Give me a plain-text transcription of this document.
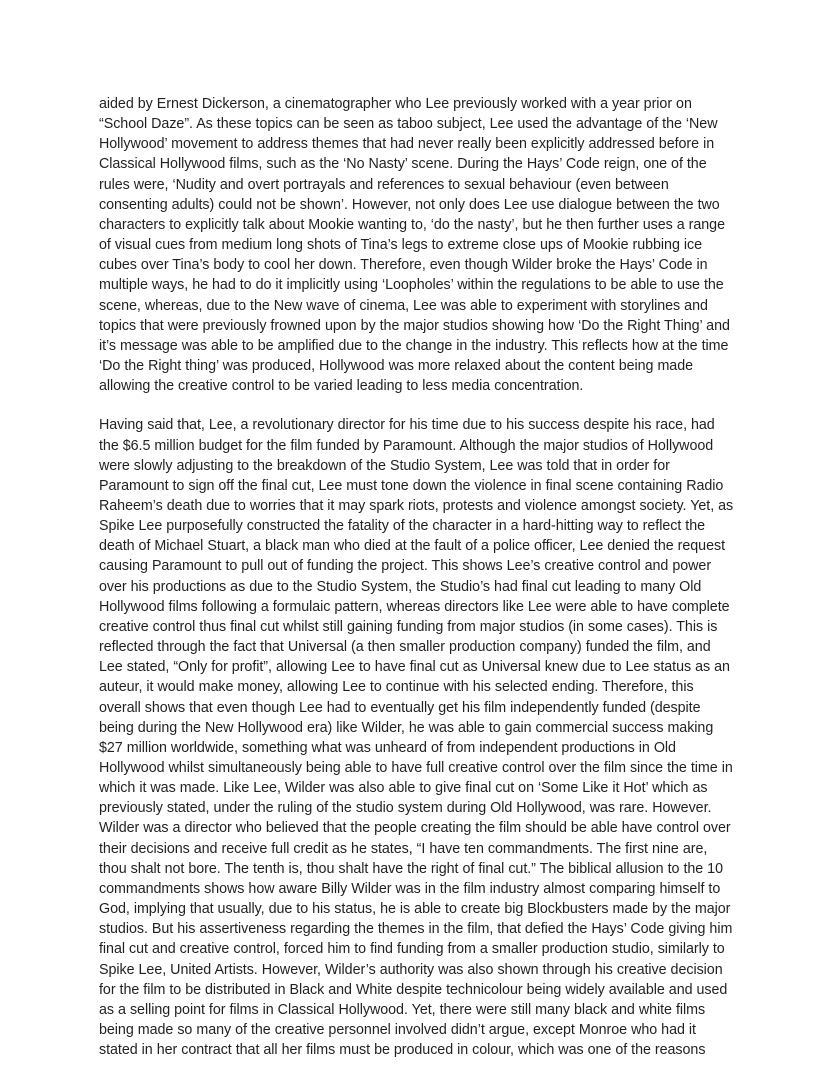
aided by Ernest Dickerson, a cinematographer who Lee previously worked with a year prior on “School Daze”. As these topics can be seen as taboo subject, Lee used the advantage of the ‘New Hollywood’ movement to address themes that had never really been explicitly addressed before in Classical Hollywood films, such as the ‘No Nasty’ scene. During the Hays’ Code reign, one of the rules were, ‘Nudity and overt portrayals and references to sexual behaviour (even between consenting adults) could not be shown’. However, not only does Lee use dialogue between the two characters to explicitly talk about Mookie wanting to, ‘do the nasty’, but he then further uses a range of visual cues from medium long shots of Tina’s legs to extreme close ups of Mookie rubbing ice cubes over Tina’s body to cool her down. Therefore, even though Wilder broke the Hays’ Code in multiple ways, he had to do it implicitly using ‘Loopholes’ within the regulations to be able to use the scene, whereas, due to the New wave of cinema, Lee was able to experiment with storylines and topics that were previously frowned upon by the major studios showing how ‘Do the Right Thing’ and it’s message was able to be amplified due to the change in the industry. This reflects how at the time ‘Do the Right thing’ was produced, Hollywood was more relaxed about the content being made allowing the creative control to be varied leading to less media concentration.

Having said that, Lee, a revolutionary director for his time due to his success despite his race, had the $6.5 million budget for the film funded by Paramount. Although the major studios of Hollywood were slowly adjusting to the breakdown of the Studio System, Lee was told that in order for Paramount to sign off the final cut, Lee must tone down the violence in final scene containing Radio Raheem’s death due to worries that it may spark riots, protests and violence amongst society. Yet, as Spike Lee purposefully constructed the fatality of the character in a hard-hitting way to reflect the death of Michael Stuart, a black man who died at the fault of a police officer, Lee denied the request causing Paramount to pull out of funding the project. This shows Lee’s creative control and power over his productions as due to the Studio System, the Studio’s had final cut leading to many Old Hollywood films following a formulaic pattern, whereas directors like Lee were able to have complete creative control thus final cut whilst still gaining funding from major studios (in some cases). This is reflected through the fact that Universal (a then smaller production company) funded the film, and Lee stated, “Only for profit”, allowing Lee to have final cut as Universal knew due to Lee status as an auteur, it would make money, allowing Lee to continue with his selected ending. Therefore, this overall shows that even though Lee had to eventually get his film independently funded (despite being during the New Hollywood era) like Wilder, he was able to gain commercial success making $27 million worldwide, something what was unheard of from independent productions in Old Hollywood whilst simultaneously being able to have full creative control over the film since the time in which it was made. Like Lee, Wilder was also able to give final cut on ‘Some Like it Hot’ which as previously stated, under the ruling of the studio system during Old Hollywood, was rare. However. Wilder was a director who believed that the people creating the film should be able have control over their decisions and receive full credit as he states, “I have ten commandments. The first nine are, thou shalt not bore. The tenth is, thou shalt have the right of final cut.” The biblical allusion to the 10 commandments shows how aware Billy Wilder was in the film industry almost comparing himself to God, implying that usually, due to his status, he is able to create big Blockbusters made by the major studios. But his assertiveness regarding the themes in the film, that defied the Hays’ Code giving him final cut and creative control, forced him to find funding from a smaller production studio, similarly to Spike Lee, United Artists. However, Wilder’s authority was also shown through his creative decision for the film to be distributed in Black and White despite technicolour being widely available and used as a selling point for films in Classical Hollywood. Yet, there were still many black and white films being made so many of the creative personnel involved didn’t argue, except Monroe who had it stated in her contract that all her films must be produced in colour, which was one of the reasons
